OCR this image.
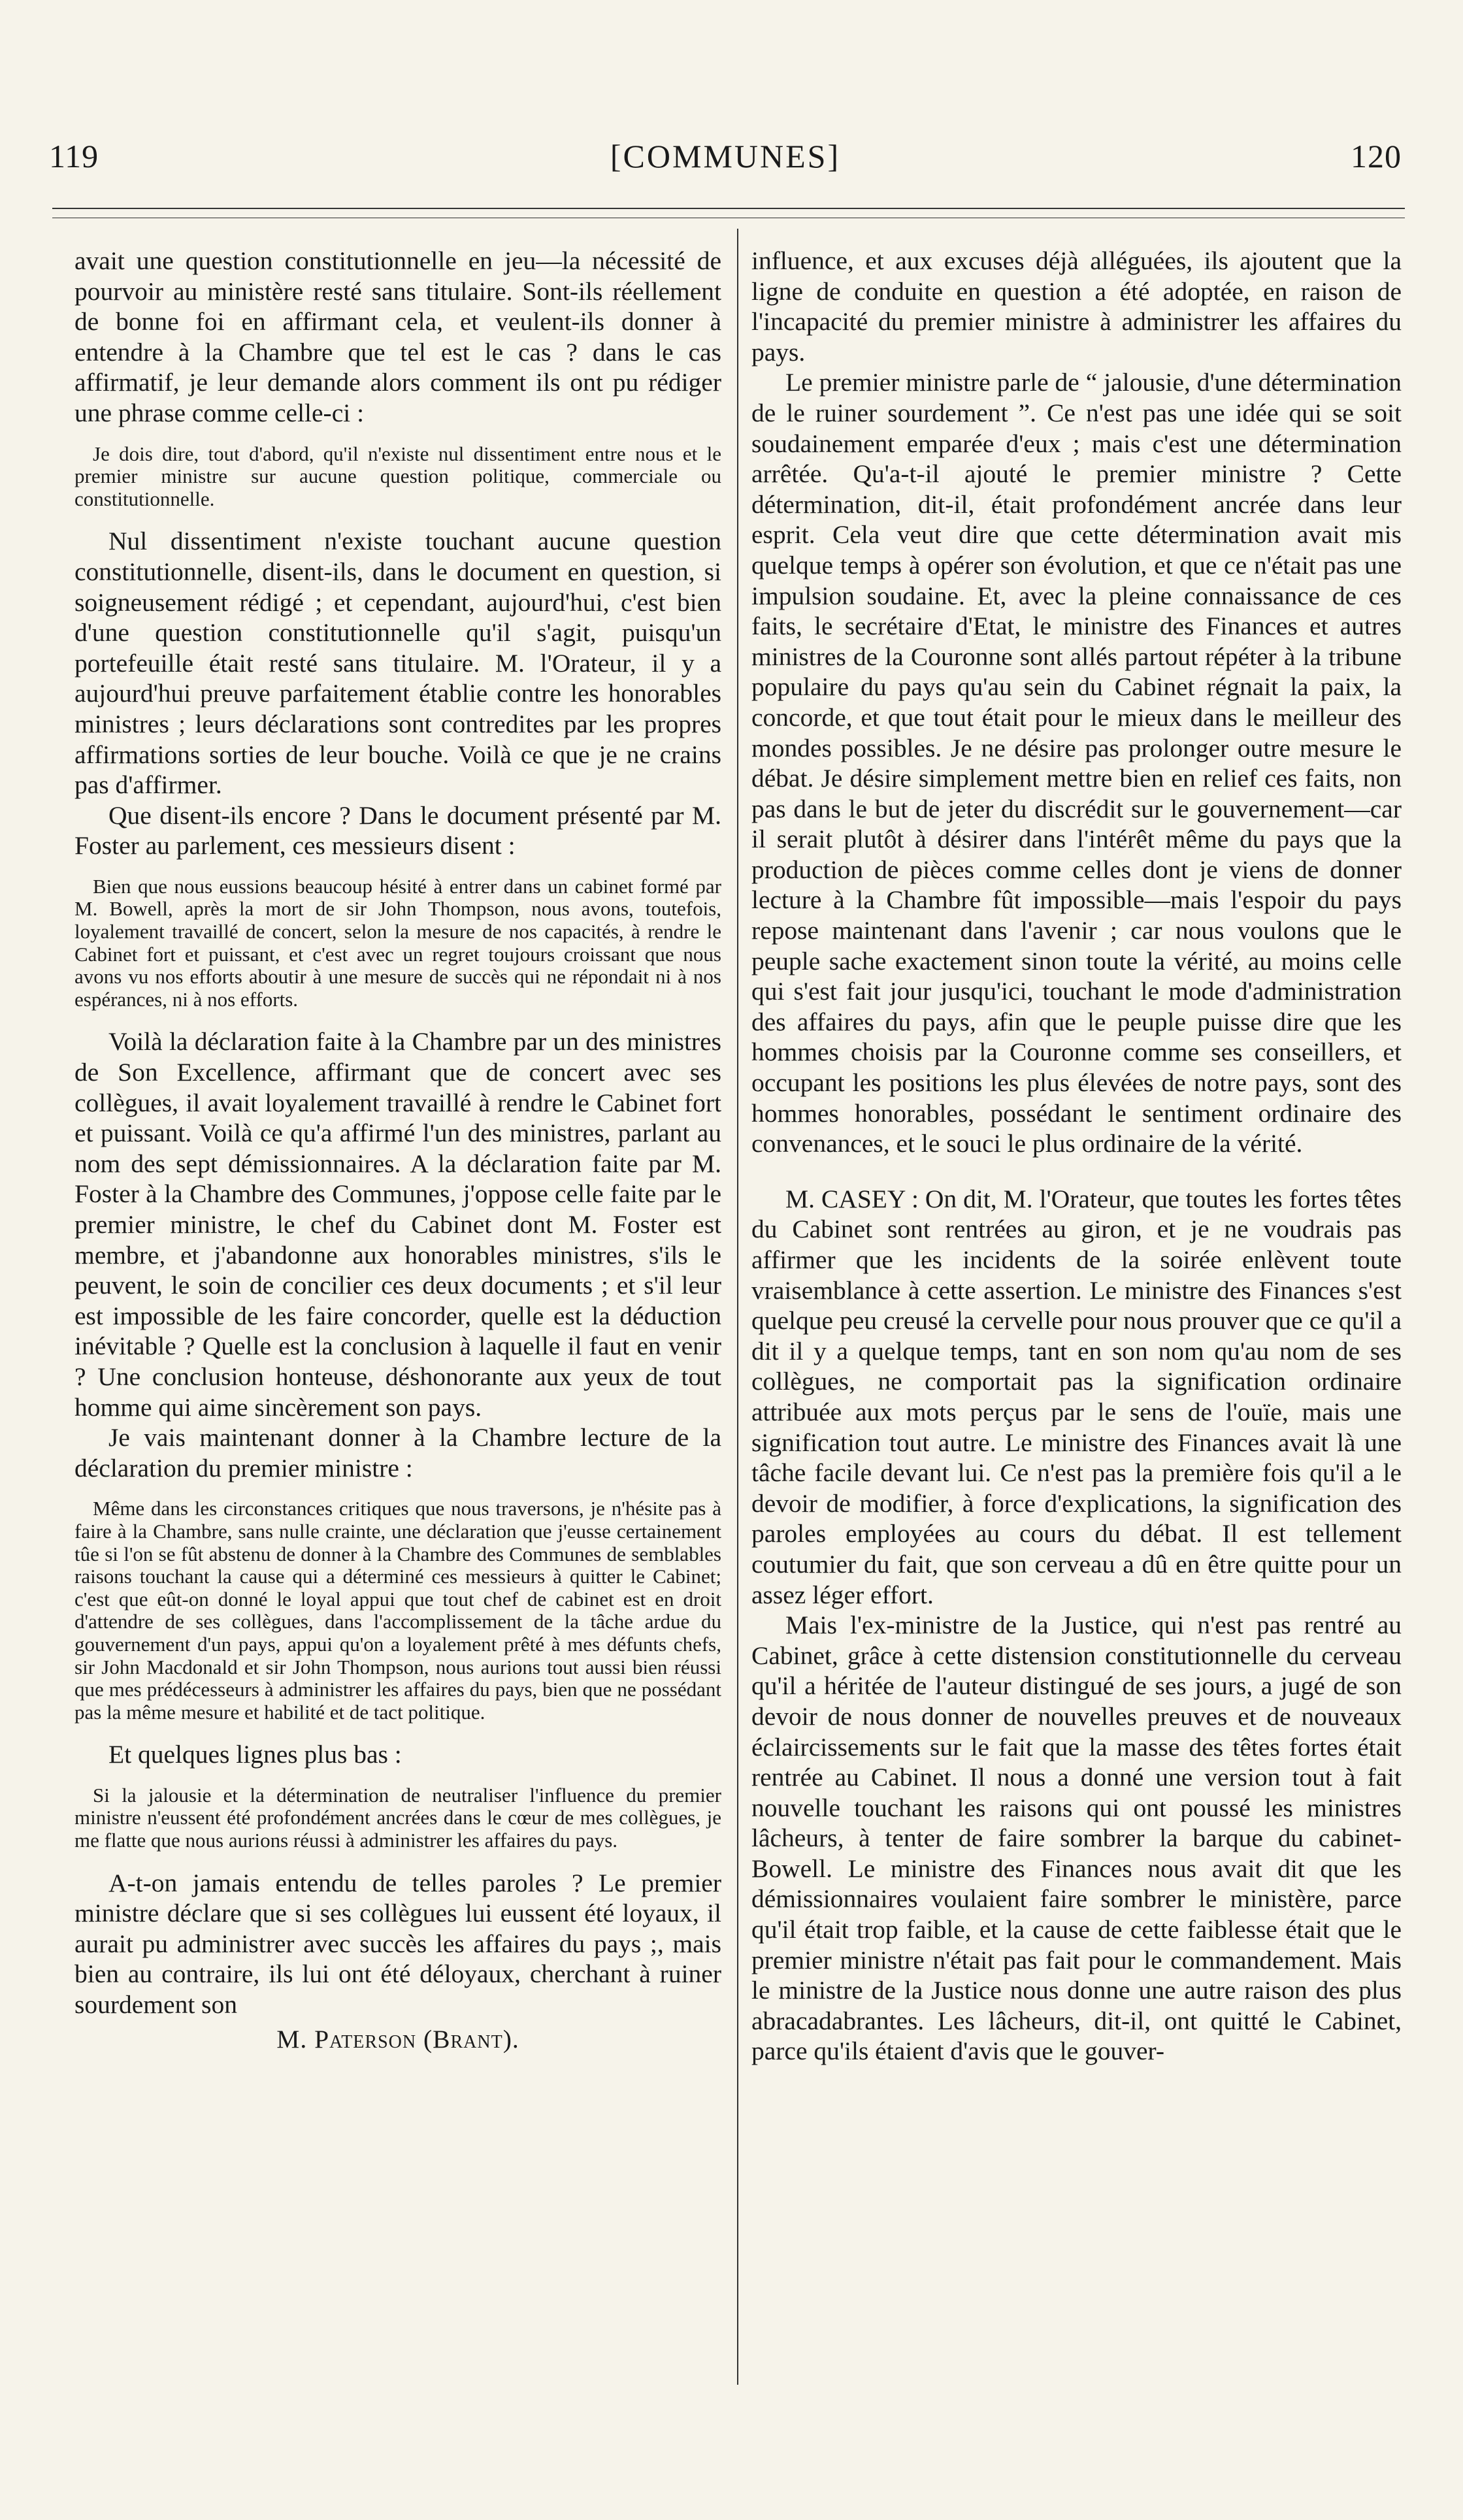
119	[COMMUNES]	120

avait une question constitutionnelle en jeu—la nécessité de pourvoir au ministère resté sans titulaire. Sont-ils réellement de bonne foi en affirmant cela, et veulent-ils donner à entendre à la Chambre que tel est le cas ? dans le cas affirmatif, je leur demande alors comment ils ont pu rédiger une phrase comme celle-ci :

Je dois dire, tout d'abord, qu'il n'existe nul dissentiment entre nous et le premier ministre sur aucune question politique, commerciale ou constitutionnelle.

Nul dissentiment n'existe touchant aucune question constitutionnelle, disent-ils, dans le document en question, si soigneusement rédigé ; et cependant, aujourd'hui, c'est bien d'une question constitutionnelle qu'il s'agit, puisqu'un portefeuille était resté sans titulaire. M. l'Orateur, il y a aujourd'hui preuve parfaitement établie contre les honorables ministres ; leurs déclarations sont contredites par les propres affirmations sorties de leur bouche. Voilà ce que je ne crains pas d'affirmer.

Que disent-ils encore ? Dans le document présenté par M. Foster au parlement, ces messieurs disent :

Bien que nous eussions beaucoup hésité à entrer dans un cabinet formé par M. Bowell, après la mort de sir John Thompson, nous avons, toutefois, loyalement travaillé de concert, selon la mesure de nos capacités, à rendre le Cabinet fort et puissant, et c'est avec un regret toujours croissant que nous avons vu nos efforts aboutir à une mesure de succès qui ne répondait ni à nos espérances, ni à nos efforts.

Voilà la déclaration faite à la Chambre par un des ministres de Son Excellence, affirmant que de concert avec ses collègues, il avait loyalement travaillé à rendre le Cabinet fort et puissant. Voilà ce qu'a affirmé l'un des ministres, parlant au nom des sept démissionnaires. A la déclaration faite par M. Foster à la Chambre des Communes, j'oppose celle faite par le premier ministre, le chef du Cabinet dont M. Foster est membre, et j'abandonne aux honorables ministres, s'ils le peuvent, le soin de concilier ces deux documents ; et s'il leur est impossible de les faire concorder, quelle est la déduction inévitable ? Quelle est la conclusion à laquelle il faut en venir ? Une conclusion honteuse, déshonorante aux yeux de tout homme qui aime sincèrement son pays.

Je vais maintenant donner à la Chambre lecture de la déclaration du premier ministre :

Même dans les circonstances critiques que nous traversons, je n'hésite pas à faire à la Chambre, sans nulle crainte, une déclaration que j'eusse certainement tûe si l'on se fût abstenu de donner à la Chambre des Communes de semblables raisons touchant la cause qui a déterminé ces messieurs à quitter le Cabinet; c'est que eût-on donné le loyal appui que tout chef de cabinet est en droit d'attendre de ses collègues, dans l'accomplissement de la tâche ardue du gouvernement d'un pays, appui qu'on a loyalement prêté à mes défunts chefs, sir John Macdonald et sir John Thompson, nous aurions tout aussi bien réussi que mes prédécesseurs à administrer les affaires du pays, bien que ne possédant pas la même mesure et habilité et de tact politique.

Et quelques lignes plus bas :

Si la jalousie et la détermination de neutraliser l'influence du premier ministre n'eussent été profondément ancrées dans le cœur de mes collègues, je me flatte que nous aurions réussi à administrer les affaires du pays.

A-t-on jamais entendu de telles paroles ? Le premier ministre déclare que si ses collègues lui eussent été loyaux, il aurait pu administrer avec succès les affaires du pays ;, mais bien au contraire, ils lui ont été déloyaux, cherchant à ruiner sourdement son

M. Paterson (Brant).

influence, et aux excuses déjà alléguées, ils ajoutent que la ligne de conduite en question a été adoptée, en raison de l'incapacité du premier ministre à administrer les affaires du pays.

Le premier ministre parle de “ jalousie, d'une détermination de le ruiner sourdement ”. Ce n'est pas une idée qui se soit soudainement emparée d'eux ; mais c'est une détermination arrêtée. Qu'a-t-il ajouté le premier ministre ? Cette détermination, dit-il, était profondément ancrée dans leur esprit. Cela veut dire que cette détermination avait mis quelque temps à opérer son évolution, et que ce n'était pas une impulsion soudaine. Et, avec la pleine connaissance de ces faits, le secrétaire d'Etat, le ministre des Finances et autres ministres de la Couronne sont allés partout répéter à la tribune populaire du pays qu'au sein du Cabinet régnait la paix, la concorde, et que tout était pour le mieux dans le meilleur des mondes possibles. Je ne désire pas prolonger outre mesure le débat. Je désire simplement mettre bien en relief ces faits, non pas dans le but de jeter du discrédit sur le gouvernement—car il serait plutôt à désirer dans l'intérêt même du pays que la production de pièces comme celles dont je viens de donner lecture à la Chambre fût impossible—mais l'espoir du pays repose maintenant dans l'avenir ; car nous voulons que le peuple sache exactement sinon toute la vérité, au moins celle qui s'est fait jour jusqu'ici, touchant le mode d'administration des affaires du pays, afin que le peuple puisse dire que les hommes choisis par la Couronne comme ses conseillers, et occupant les positions les plus élevées de notre pays, sont des hommes honorables, possédant le sentiment ordinaire des convenances, et le souci le plus ordinaire de la vérité.

M. CASEY : On dit, M. l'Orateur, que toutes les fortes têtes du Cabinet sont rentrées au giron, et je ne voudrais pas affirmer que les incidents de la soirée enlèvent toute vraisemblance à cette assertion. Le ministre des Finances s'est quelque peu creusé la cervelle pour nous prouver que ce qu'il a dit il y a quelque temps, tant en son nom qu'au nom de ses collègues, ne comportait pas la signification ordinaire attribuée aux mots perçus par le sens de l'ouïe, mais une signification tout autre. Le ministre des Finances avait là une tâche facile devant lui. Ce n'est pas la première fois qu'il a le devoir de modifier, à force d'explications, la signification des paroles employées au cours du débat. Il est tellement coutumier du fait, que son cerveau a dû en être quitte pour un assez léger effort.

Mais l'ex-ministre de la Justice, qui n'est pas rentré au Cabinet, grâce à cette distension constitutionnelle du cerveau qu'il a héritée de l'auteur distingué de ses jours, a jugé de son devoir de nous donner de nouvelles preuves et de nouveaux éclaircissements sur le fait que la masse des têtes fortes était rentrée au Cabinet. Il nous a donné une version tout à fait nouvelle touchant les raisons qui ont poussé les ministres lâcheurs, à tenter de faire sombrer la barque du cabinet-Bowell. Le ministre des Finances nous avait dit que les démissionnaires voulaient faire sombrer le ministère, parce qu'il était trop faible, et la cause de cette faiblesse était que le premier ministre n'était pas fait pour le commandement. Mais le ministre de la Justice nous donne une autre raison des plus abracadabrantes. Les lâcheurs, dit-il, ont quitté le Cabinet, parce qu'ils étaient d'avis que le gouver-
